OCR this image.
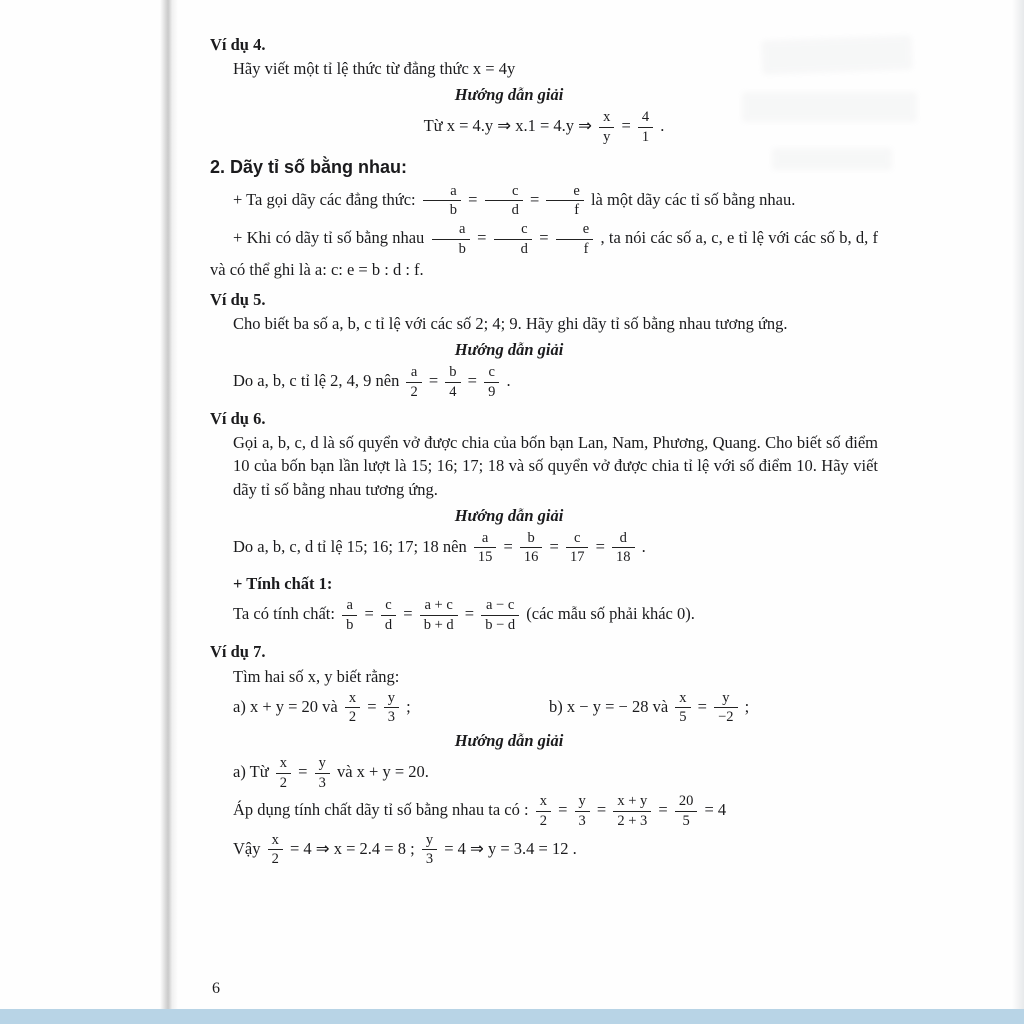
Ví dụ 4.
Hãy viết một tỉ lệ thức từ đẳng thức x = 4y
Hướng dẫn giải
Từ x = 4.y ⇒ x.1 = 4.y ⇒ $\frac{x}{y} = \frac{4}{1}$ .
2. Dãy tỉ số bằng nhau:
+ Ta gọi dãy các đẳng thức: $\frac{a}{b} = \frac{c}{d} = \frac{e}{f}$ là một dãy các tỉ số bằng nhau.
+ Khi có dãy tỉ số bằng nhau $\frac{a}{b} = \frac{c}{d} = \frac{e}{f}$ , ta nói các số a, c, e tỉ lệ với các số b, d, f và có thể ghi là a: c: e = b : d : f.
Ví dụ 5.
Cho biết ba số a, b, c tỉ lệ với các số 2; 4; 9. Hãy ghi dãy tỉ số bằng nhau tương ứng.
Hướng dẫn giải
Do a, b, c tỉ lệ 2, 4, 9 nên $\frac{a}{2} = \frac{b}{4} = \frac{c}{9}$ .
Ví dụ 6.
Gọi a, b, c, d là số quyển vở được chia của bốn bạn Lan, Nam, Phương, Quang. Cho biết số điểm 10 của bốn bạn lần lượt là 15; 16; 17; 18 và số quyển vở được chia tỉ lệ với số điểm 10. Hãy viết dãy tỉ số bằng nhau tương ứng.
Hướng dẫn giải
Do a, b, c, d tỉ lệ 15; 16; 17; 18 nên $\frac{a}{15} = \frac{b}{16} = \frac{c}{17} = \frac{d}{18}$ .
+ Tính chất 1:
Ta có tính chất: $\frac{a}{b} = \frac{c}{d} = \frac{a + c}{b + d} = \frac{a - c}{b - d}$ (các mẫu số phải khác 0).
Ví dụ 7.
Tìm hai số x, y biết rằng:
a) x + y = 20 và $\frac{x}{2} = \frac{y}{3}$ ;	b) x − y = − 28 và $\frac{x}{5} = \frac{y}{-2}$ ;
Hướng dẫn giải
a) Từ $\frac{x}{2} = \frac{y}{3}$ và x + y = 20.
Áp dụng tính chất dãy tỉ số bằng nhau ta có : $\frac{x}{2} = \frac{y}{3} = \frac{x + y}{2 + 3} = \frac{20}{5} = 4$
Vậy $\frac{x}{2} = 4$ ⇒ x = 2.4 = 8 ; $\frac{y}{3} = 4$ ⇒ y = 3.4 = 12 .
6
